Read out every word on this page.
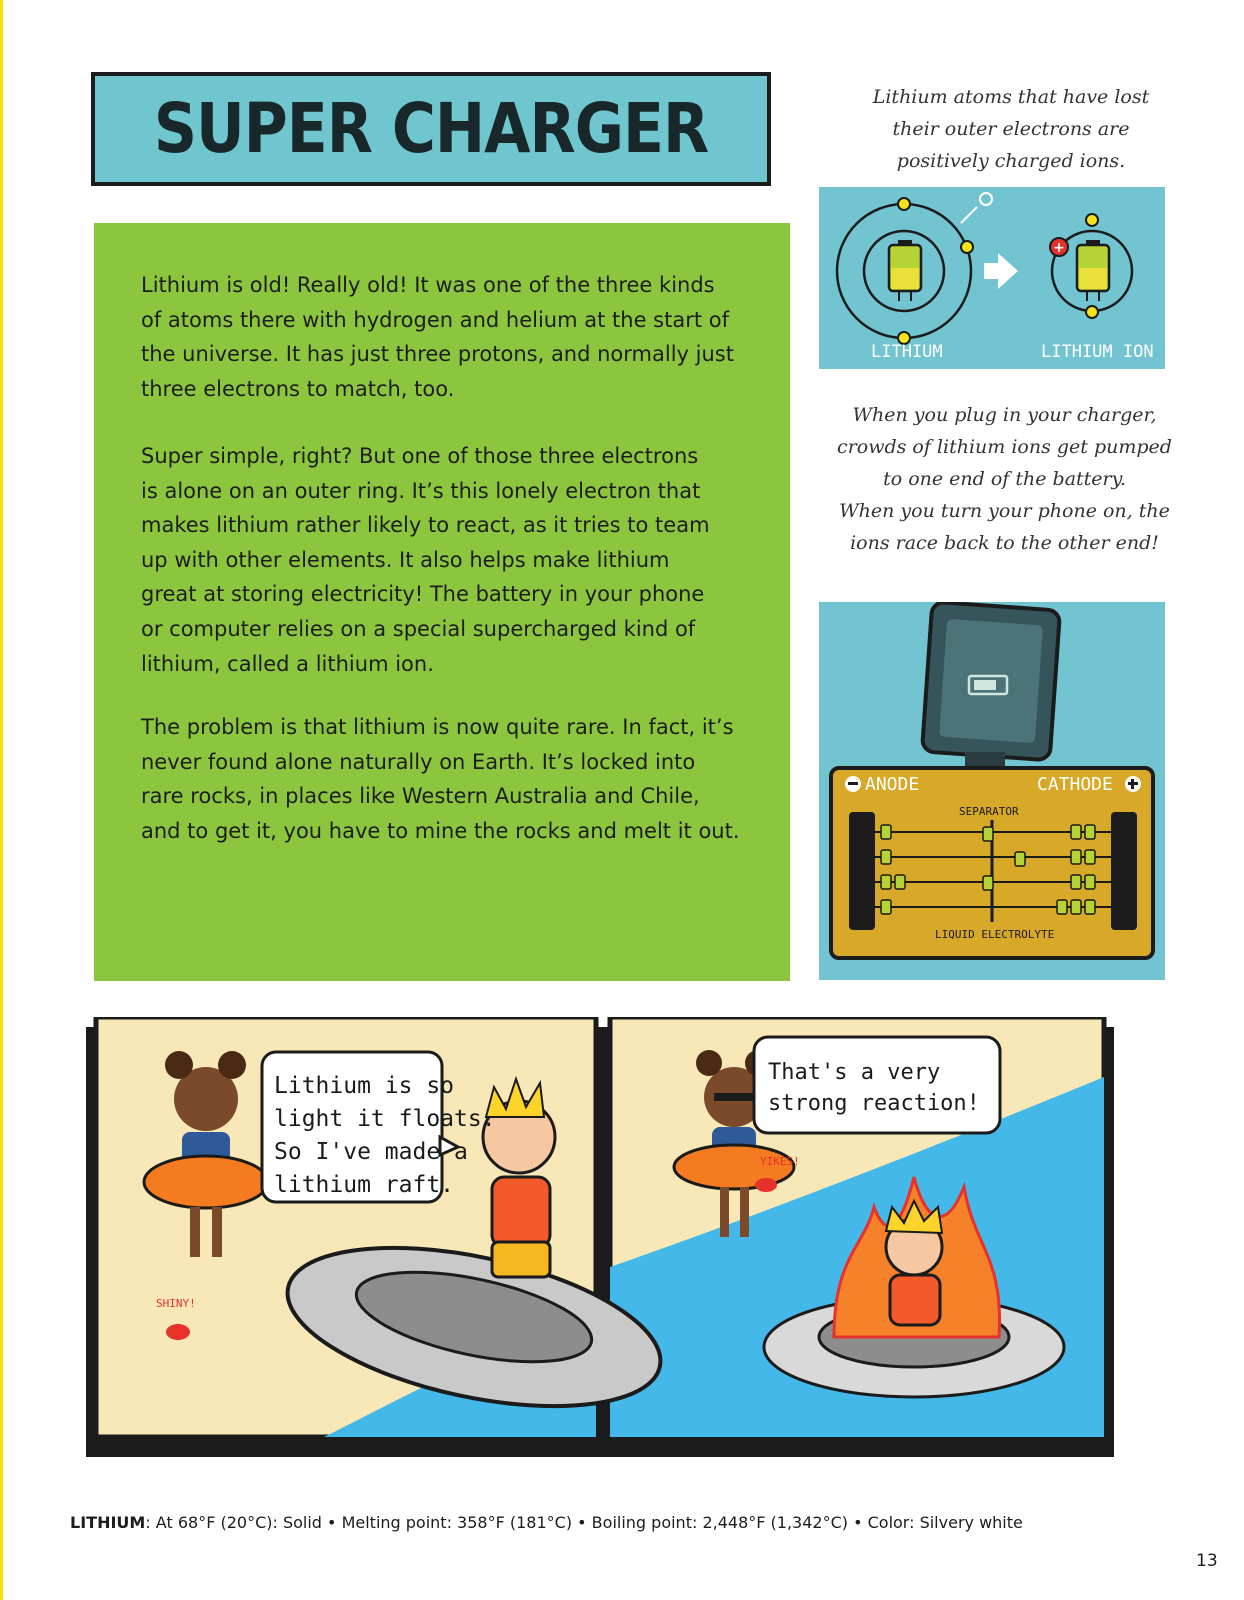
SUPER CHARGER

Lithium is old! Really old! It was one of the three kinds
of atoms there with hydrogen and helium at the start of
the universe. It has just three protons, and normally just
three electrons to match, too.

Super simple, right? But one of those three electrons
is alone on an outer ring. It’s this lonely electron that
makes lithium rather likely to react, as it tries to team
up with other elements. It also helps make lithium
great at storing electricity! The battery in your phone
or computer relies on a special supercharged kind of
lithium, called a lithium ion.

The problem is that lithium is now quite rare. In fact, it’s
never found alone naturally on Earth. It’s locked into
rare rocks, in places like Western Australia and Chile,
and to get it, you have to mine the rocks and melt it out.

Lithium atoms that have lost
their outer electrons are
positively charged ions.
+
LITHIUM	LITHIUM ION
When you plug in your charger,
crowds of lithium ions get pumped
to one end of the battery.
When you turn your phone on, the
ions race back to the other end!
ANODE	CATHODE
SEPARATOR
LIQUID ELECTROLYTE
SHINY!
Lithium is so
light it floats.
So I've made a
lithium raft.
YIKES!
That's a very
strong reaction!
LITHIUM: At 68°F (20°C): Solid • Melting point: 358°F (181°C) • Boiling point: 2,448°F (1,342°C) • Color: Silvery white
13
